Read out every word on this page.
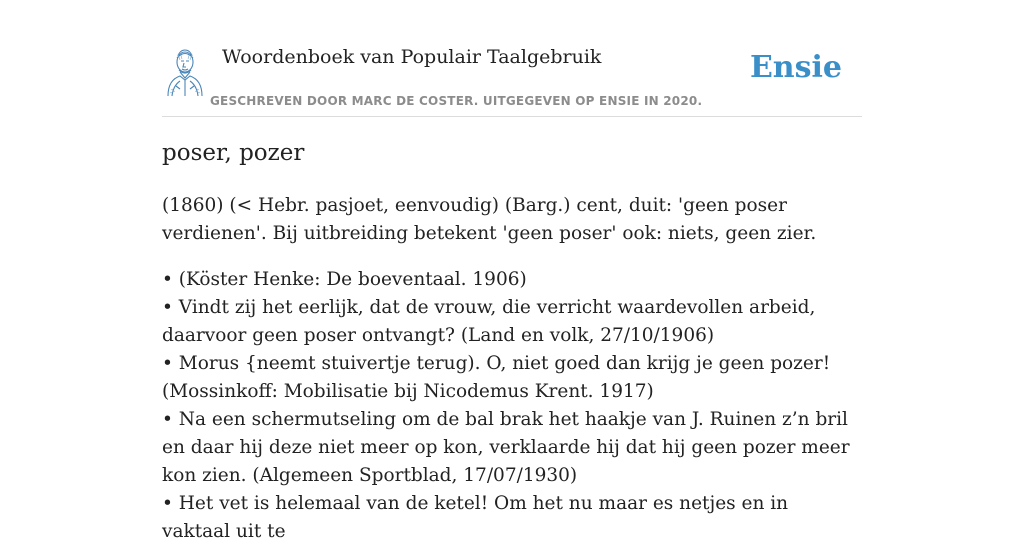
Woordenboek van Populair Taalgebruik
GESCHREVEN DOOR MARC DE COSTER. UITGEGEVEN OP ENSIE IN 2020.
Ensie
poser, pozer

(1860) (< Hebr. pasjoet, eenvoudig) (Barg.) cent, duit: 'geen poser verdienen'. Bij uitbreiding betekent 'geen poser' ook: niets, geen zier.

• (Köster Henke: De boeventaal. 1906)

• Vindt zij het eerlijk, dat de vrouw, die verricht waardevollen arbeid, daarvoor geen poser ontvangt? (Land en volk, 27/10/1906)

• Morus {neemt stuivertje terug). O, niet goed dan krijg je geen pozer! (Mossinkoff: Mobilisatie bij Nicodemus Krent. 1917)

• Na een schermutseling om de bal brak het haakje van J. Ruinen z’n bril en daar hij deze niet meer op kon, verklaarde hij dat hij geen pozer meer kon zien. (Algemeen Sportblad, 17/07/1930)

• Het vet is helemaal van de ketel! Om het nu maar es netjes en in vaktaal uit te
